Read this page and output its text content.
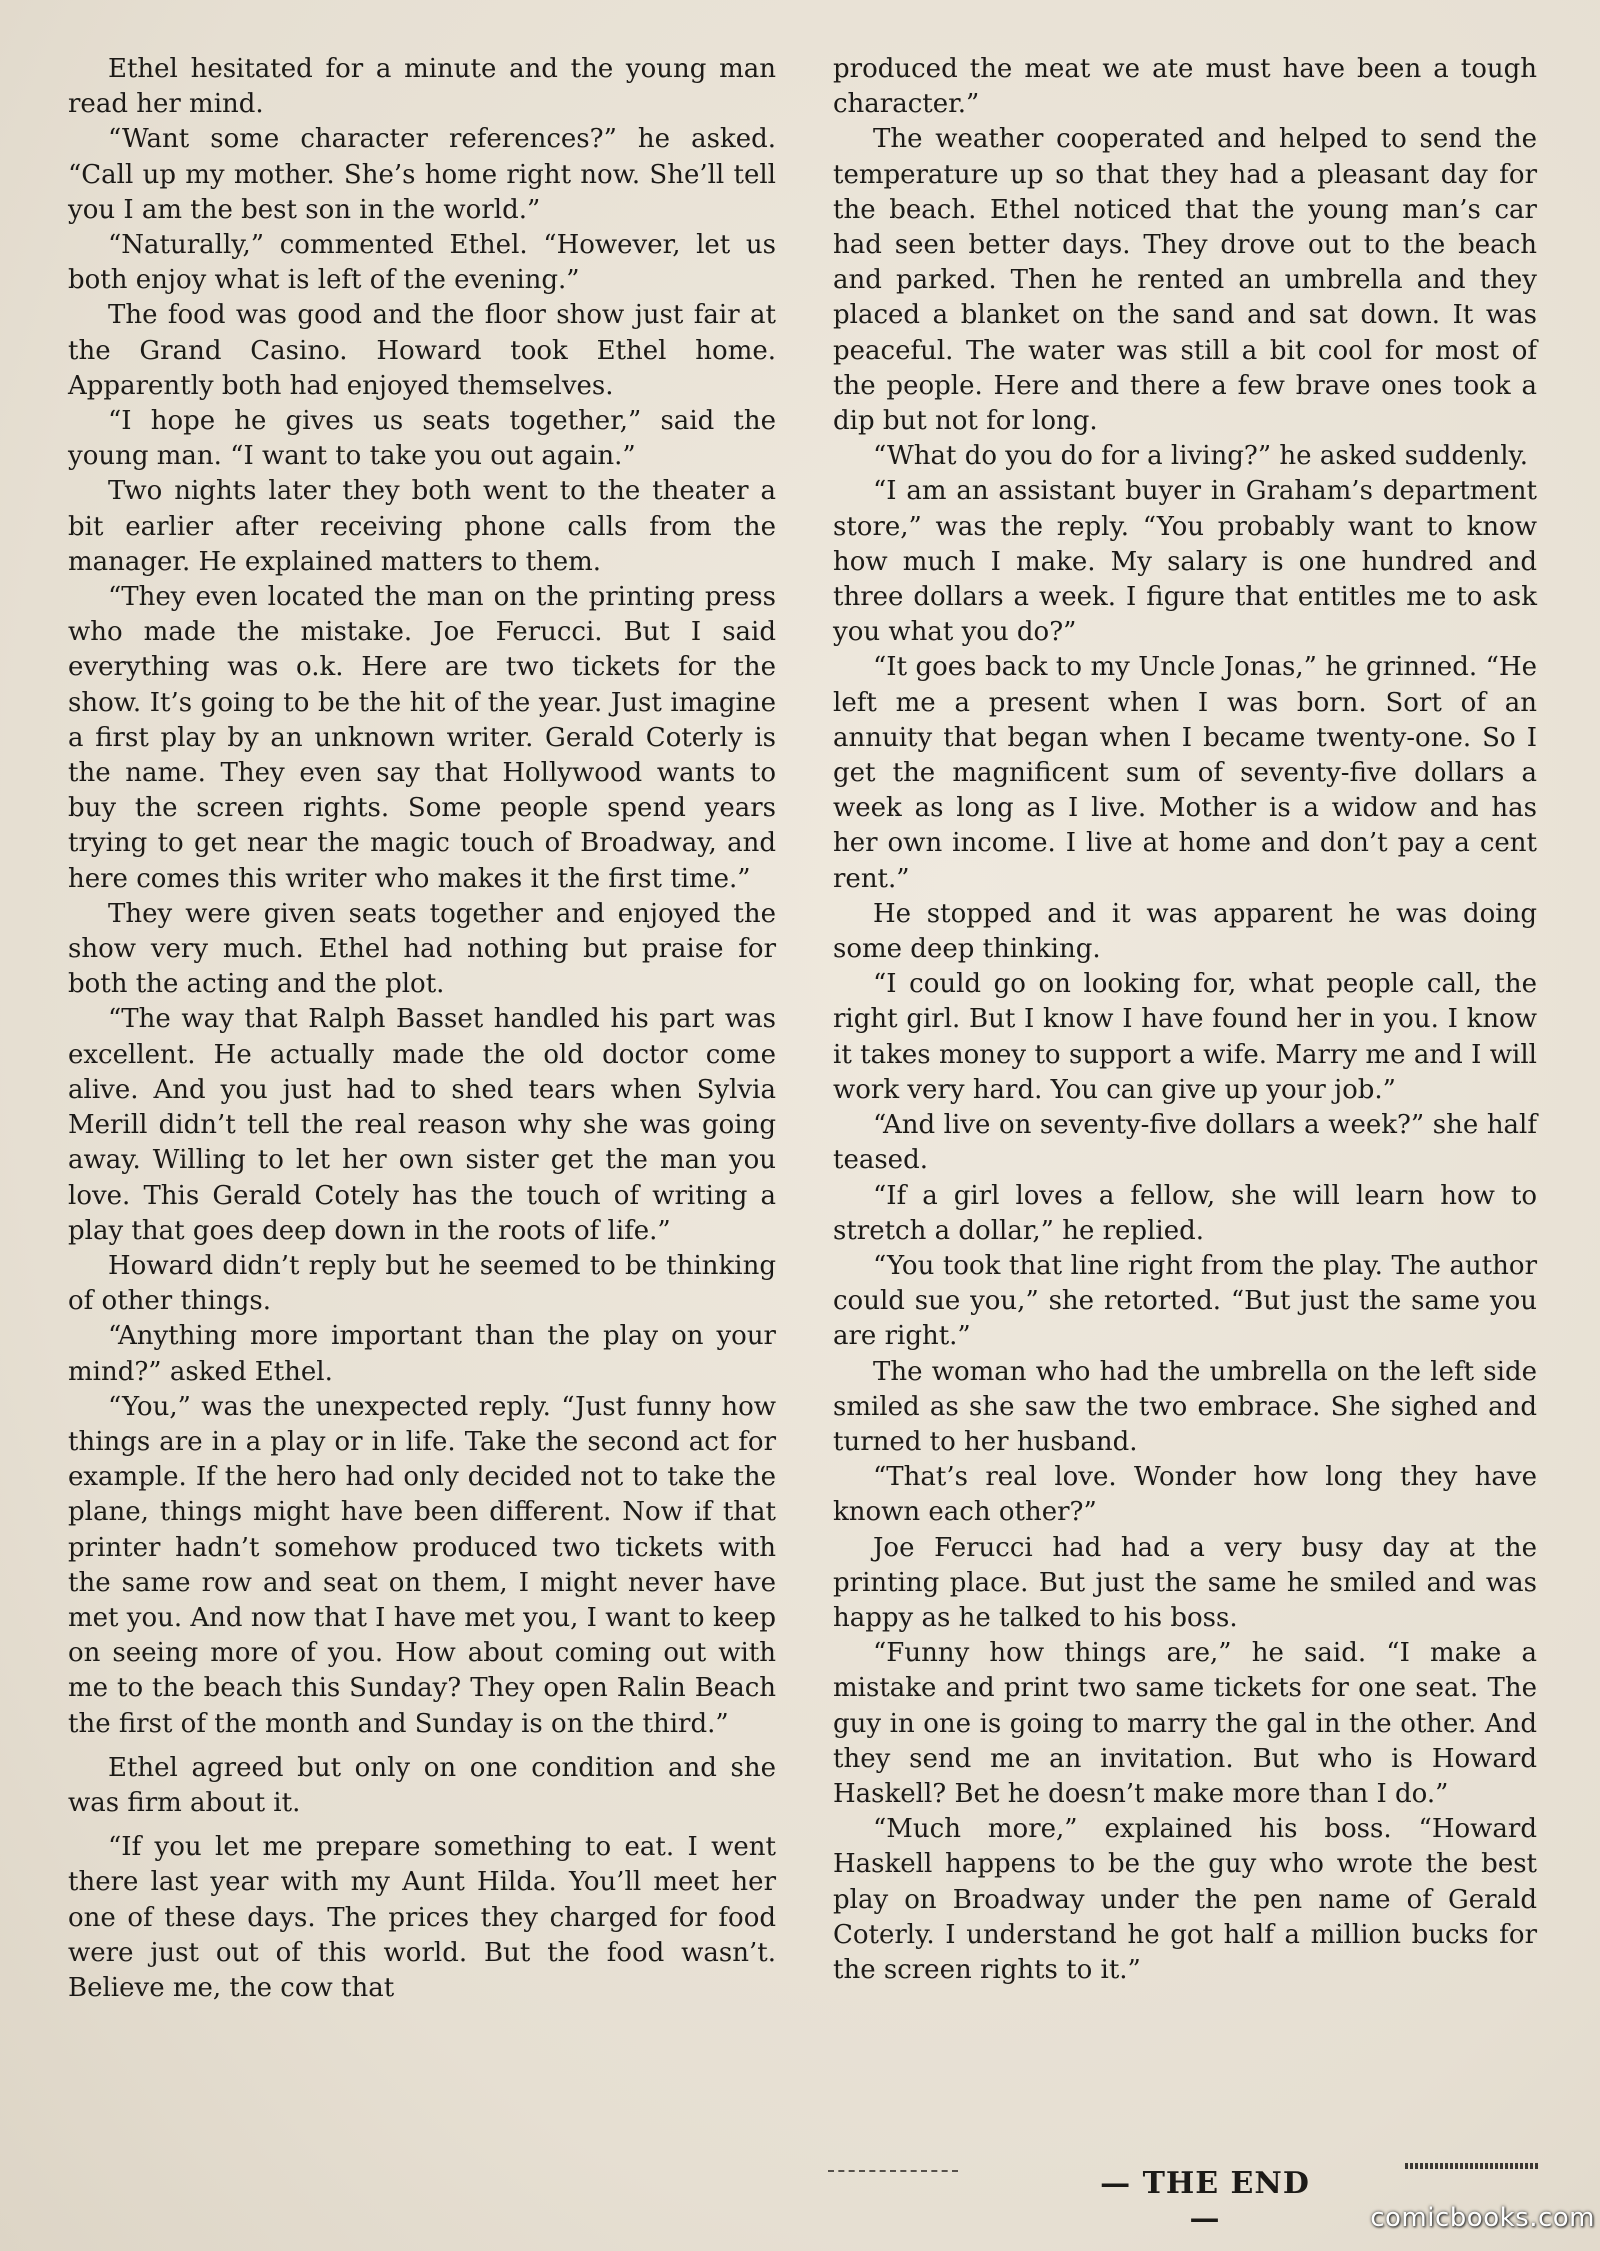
Ethel hesitated for a minute and the young man read her mind.

“Want some character references?” he asked. “Call up my mother. She’s home right now. She’ll tell you I am the best son in the world.”

“Naturally,” commented Ethel. “However, let us both enjoy what is left of the evening.”

The food was good and the floor show just fair at the Grand Casino. Howard took Ethel home. Apparently both had enjoyed themselves.

“I hope he gives us seats together,” said the young man. “I want to take you out again.”

Two nights later they both went to the theater a bit earlier after receiving phone calls from the manager. He explained matters to them.

“They even located the man on the printing press who made the mistake. Joe Ferucci. But I said everything was o.k. Here are two tickets for the show. It’s going to be the hit of the year. Just imagine a first play by an unknown writer. Gerald Coterly is the name. They even say that Hollywood wants to buy the screen rights. Some people spend years trying to get near the magic touch of Broadway, and here comes this writer who makes it the first time.”

They were given seats together and enjoyed the show very much. Ethel had nothing but praise for both the acting and the plot.

“The way that Ralph Basset handled his part was excellent. He actually made the old doctor come alive. And you just had to shed tears when Sylvia Merill didn’t tell the real reason why she was going away. Willing to let her own sister get the man you love. This Gerald Cotely has the touch of writing a play that goes deep down in the roots of life.”

Howard didn’t reply but he seemed to be thinking of other things.

“Anything more important than the play on your mind?” asked Ethel.

“You,” was the unexpected reply. “Just funny how things are in a play or in life. Take the second act for example. If the hero had only decided not to take the plane, things might have been different. Now if that printer hadn’t somehow produced two tickets with the same row and seat on them, I might never have met you. And now that I have met you, I want to keep on seeing more of you. How about coming out with me to the beach this Sunday? They open Ralin Beach the first of the month and Sunday is on the third.”

Ethel agreed but only on one condition and she was firm about it.

“If you let me prepare something to eat. I went there last year with my Aunt Hilda. You’ll meet her one of these days. The prices they charged for food were just out of this world. But the food wasn’t. Believe me, the cow that

produced the meat we ate must have been a tough character.”

The weather cooperated and helped to send the temperature up so that they had a pleasant day for the beach. Ethel noticed that the young man’s car had seen better days. They drove out to the beach and parked. Then he rented an umbrella and they placed a blanket on the sand and sat down. It was peaceful. The water was still a bit cool for most of the people. Here and there a few brave ones took a dip but not for long.

“What do you do for a living?” he asked suddenly.

“I am an assistant buyer in Graham’s department store,” was the reply. “You probably want to know how much I make. My salary is one hundred and three dollars a week. I figure that entitles me to ask you what you do?”

“It goes back to my Uncle Jonas,” he grinned. “He left me a present when I was born. Sort of an annuity that began when I became twenty-one. So I get the magnificent sum of seventy-five dollars a week as long as I live. Mother is a widow and has her own income. I live at home and don’t pay a cent rent.”

He stopped and it was apparent he was doing some deep thinking.

“I could go on looking for, what people call, the right girl. But I know I have found her in you. I know it takes money to support a wife. Marry me and I will work very hard. You can give up your job.”

“And live on seventy-five dollars a week?” she half teased.

“If a girl loves a fellow, she will learn how to stretch a dollar,” he replied.

“You took that line right from the play. The author could sue you,” she retorted. “But just the same you are right.”

The woman who had the umbrella on the left side smiled as she saw the two embrace. She sighed and turned to her husband.

“That’s real love. Wonder how long they have known each other?”

Joe Ferucci had had a very busy day at the printing place. But just the same he smiled and was happy as he talked to his boss.

“Funny how things are,” he said. “I make a mistake and print two same tickets for one seat. The guy in one is going to marry the gal in the other. And they send me an invitation. But who is Howard Haskell? Bet he doesn’t make more than I do.”

“Much more,” explained his boss. “Howard Haskell happens to be the guy who wrote the best play on Broadway under the pen name of Gerald Coterly. I understand he got half a million bucks for the screen rights to it.”

— THE END —	comicbooks.com
